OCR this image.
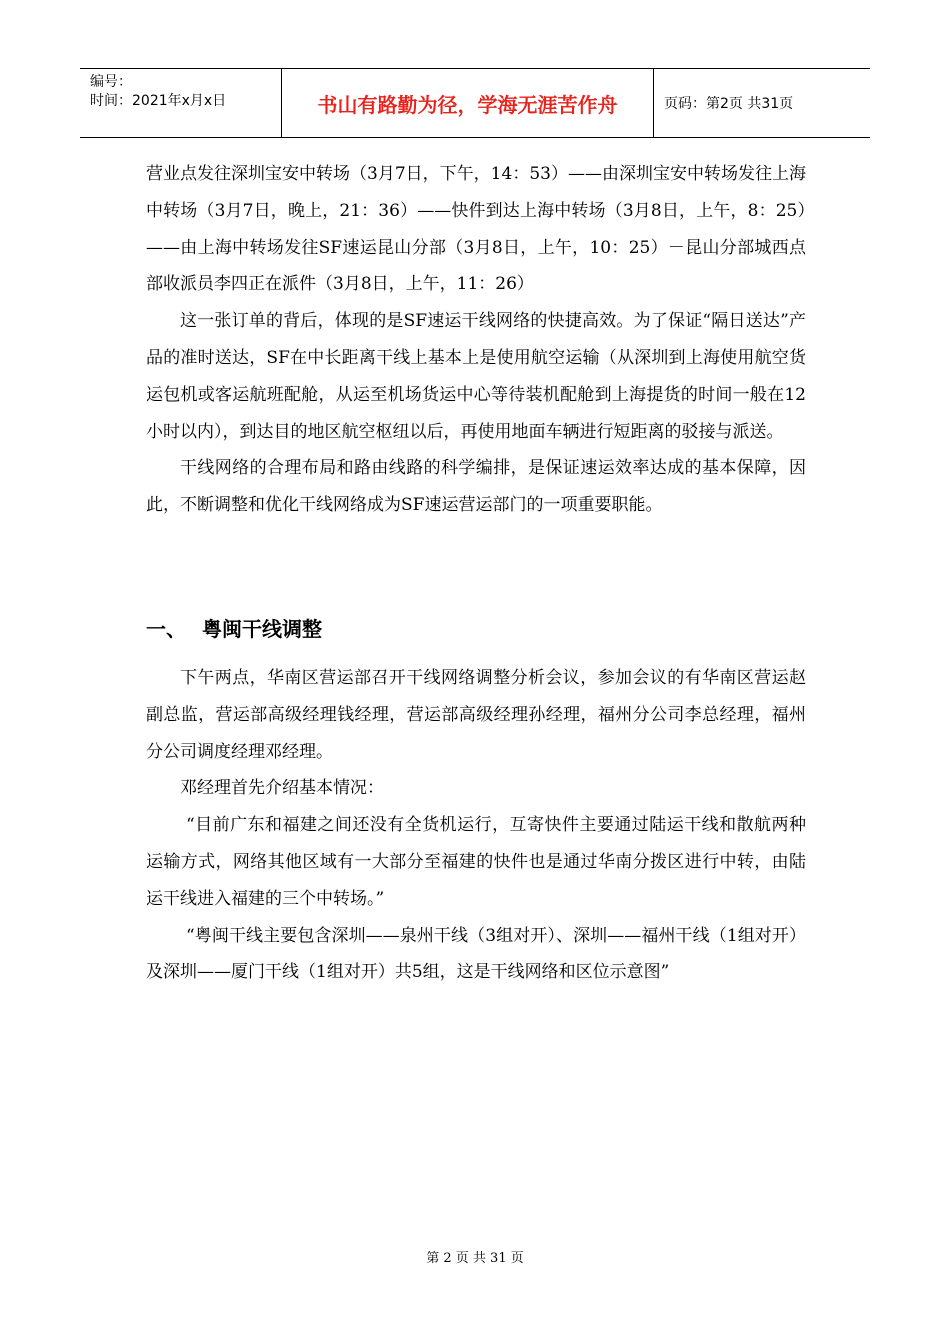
编号：
时间：2021年x月x日	书山有路勤为径，学海无涯苦作舟	页码：第2页 共31页

营业点发往深圳宝安中转场（3月7日，下午，14：53）——由深圳宝安中转场发往上海中转场（3月7日，晚上，21：36）——快件到达上海中转场（3月8日，上午，8：25）——由上海中转场发往SF速运昆山分部（3月8日，上午，10：25）－昆山分部城西点部收派员李四正在派件（3月8日，上午，11：26）

这一张订单的背后，体现的是SF速运干线网络的快捷高效。为了保证“隔日送达”产品的准时送达，SF在中长距离干线上基本上是使用航空运输（从深圳到上海使用航空货运包机或客运航班配舱，从运至机场货运中心等待装机配舱到上海提货的时间一般在12小时以内），到达目的地区航空枢纽以后，再使用地面车辆进行短距离的驳接与派送。

干线网络的合理布局和路由线路的科学编排，是保证速运效率达成的基本保障，因此，不断调整和优化干线网络成为SF速运营运部门的一项重要职能。

一、 粤闽干线调整

下午两点，华南区营运部召开干线网络调整分析会议，参加会议的有华南区营运赵副总监，营运部高级经理钱经理，营运部高级经理孙经理，福州分公司李总经理，福州分公司调度经理邓经理。

邓经理首先介绍基本情况：

“目前广东和福建之间还没有全货机运行，互寄快件主要通过陆运干线和散航两种运输方式，网络其他区域有一大部分至福建的快件也是通过华南分拨区进行中转，由陆运干线进入福建的三个中转场。”

“粤闽干线主要包含深圳——泉州干线（3组对开）、深圳——福州干线（1组对开）及深圳——厦门干线（1组对开）共5组，这是干线网络和区位示意图”

第 2 页 共 31 页
